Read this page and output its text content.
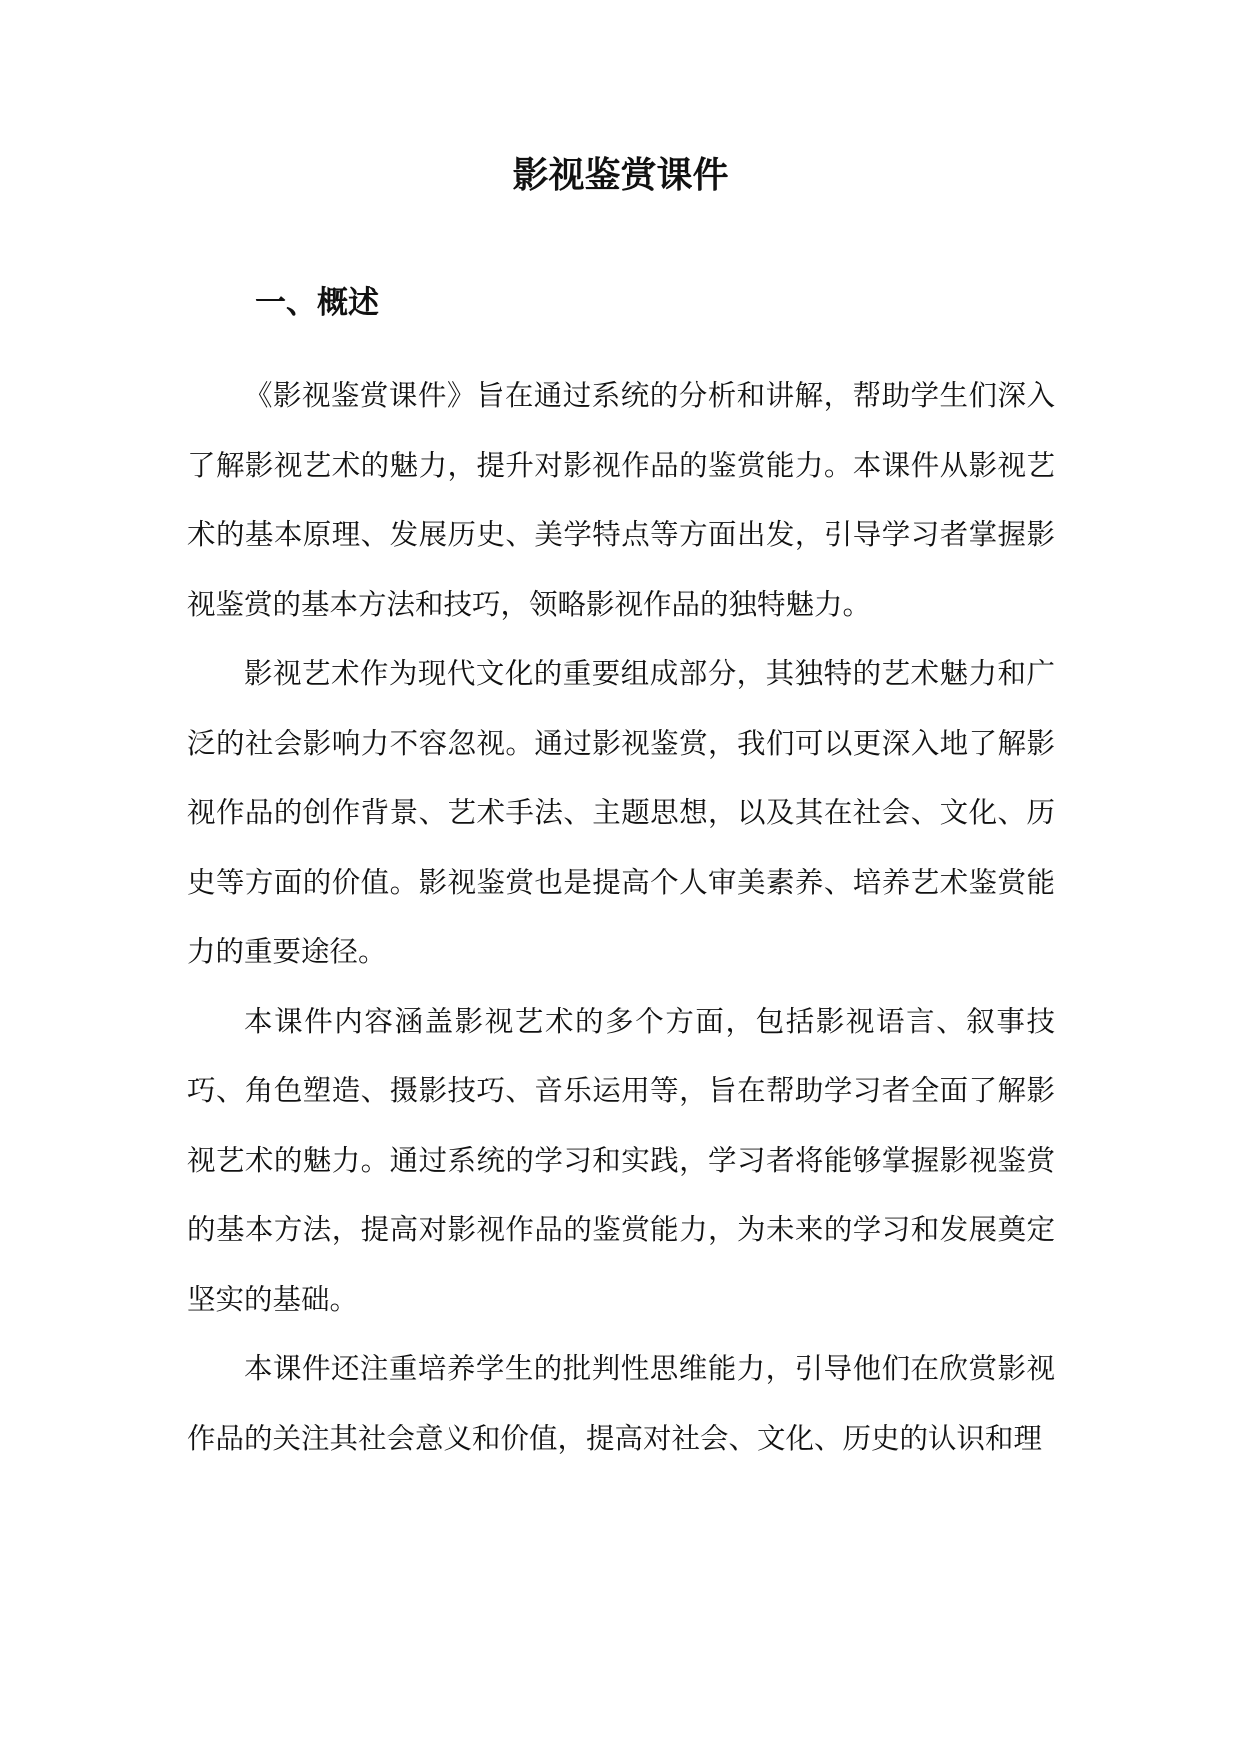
影视鉴赏课件
一、概述

《影视鉴赏课件》旨在通过系统的分析和讲解，帮助学生们深入了解影视艺术的魅力，提升对影视作品的鉴赏能力。本课件从影视艺术的基本原理、发展历史、美学特点等方面出发，引导学习者掌握影视鉴赏的基本方法和技巧，领略影视作品的独特魅力。

影视艺术作为现代文化的重要组成部分，其独特的艺术魅力和广泛的社会影响力不容忽视。通过影视鉴赏，我们可以更深入地了解影视作品的创作背景、艺术手法、主题思想，以及其在社会、文化、历史等方面的价值。影视鉴赏也是提高个人审美素养、培养艺术鉴赏能力的重要途径。

本课件内容涵盖影视艺术的多个方面，包括影视语言、叙事技巧、角色塑造、摄影技巧、音乐运用等，旨在帮助学习者全面了解影视艺术的魅力。通过系统的学习和实践，学习者将能够掌握影视鉴赏的基本方法，提高对影视作品的鉴赏能力，为未来的学习和发展奠定坚实的基础。

本课件还注重培养学生的批判性思维能力，引导他们在欣赏影视作品的关注其社会意义和价值，提高对社会、文化、历史的认识和理
